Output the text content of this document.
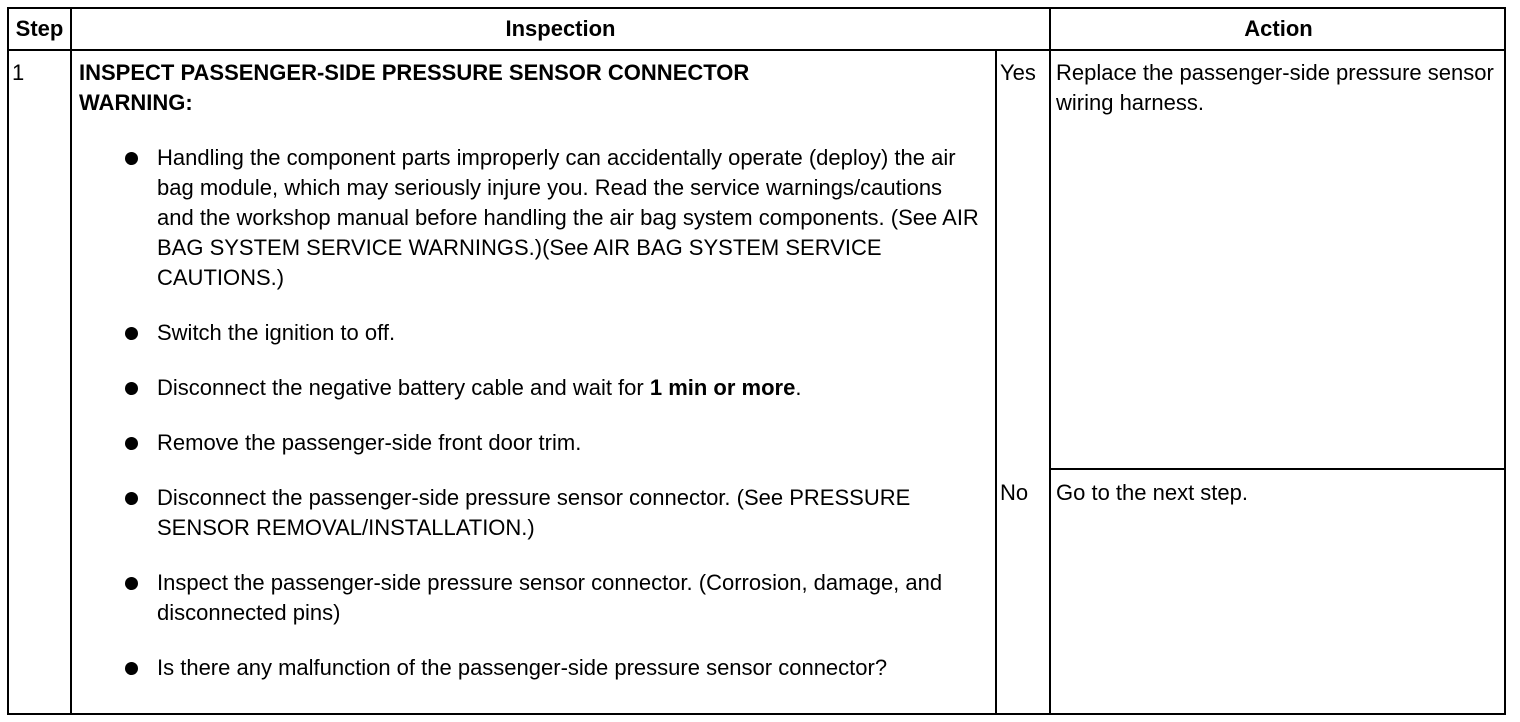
Step	Inspection	Action
1 INSPECT PASSENGER-SIDE PRESSURE SENSOR CONNECTOR
WARNING:
Handling the component parts improperly can accidentally operate (deploy) the air bag module, which may seriously injure you. Read the service warnings/cautions and the workshop manual before handling the air bag system components. (See AIR BAG SYSTEM SERVICE WARNINGS.)(See AIR BAG SYSTEM SERVICE CAUTIONS.)
Switch the ignition to off.
Disconnect the negative battery cable and wait for 1 min or more.
Remove the passenger-side front door trim.
Disconnect the passenger-side pressure sensor connector. (See PRESSURE SENSOR REMOVAL/INSTALLATION.)
Inspect the passenger-side pressure sensor connector. (Corrosion, damage, and disconnected pins)
Is there any malfunction of the passenger-side pressure sensor connector?
Yes
No
Replace the passenger-side pressure sensor wiring harness.
Go to the next step.
